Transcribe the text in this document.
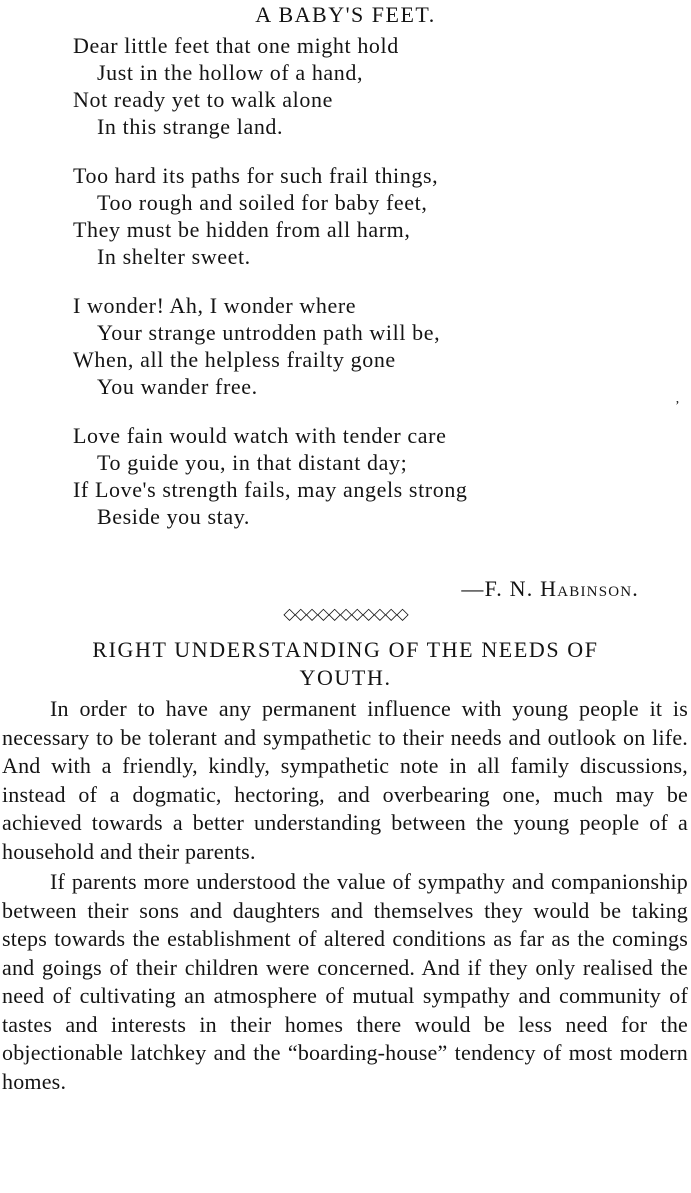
A BABY'S FEET.
Dear little feet that one might hold
Just in the hollow of a hand,
Not ready yet to walk alone
In this strange land.
Too hard its paths for such frail things,
Too rough and soiled for baby feet,
They must be hidden from all harm,
In shelter sweet.
I wonder! Ah, I wonder where
Your strange untrodden path will be,
When, all the helpless frailty gone
You wander free.
Love fain would watch with tender care
To guide you, in that distant day;
If Love's strength fails, may angels strong
Beside you stay.
’
—F. N. Habinson.
◇◇◇◇◇◇◇◇◇◇◇
RIGHT UNDERSTANDING OF THE NEEDS OF
YOUTH.

In order to have any permanent influence with young people it is necessary to be tolerant and sympathetic to their needs and outlook on life. And with a friendly, kindly, sympathetic note in all family discussions, instead of a dogmatic, hectoring, and overbearing one, much may be achieved towards a better understanding between the young people of a household and their parents.

If parents more understood the value of sympathy and companionship between their sons and daughters and themselves they would be taking steps towards the establishment of altered conditions as far as the comings and goings of their children were concerned. And if they only realised the need of cultivating an atmosphere of mutual sympathy and community of tastes and interests in their homes there would be less need for the objectionable latchkey and the “boarding-house” tendency of most modern homes.
